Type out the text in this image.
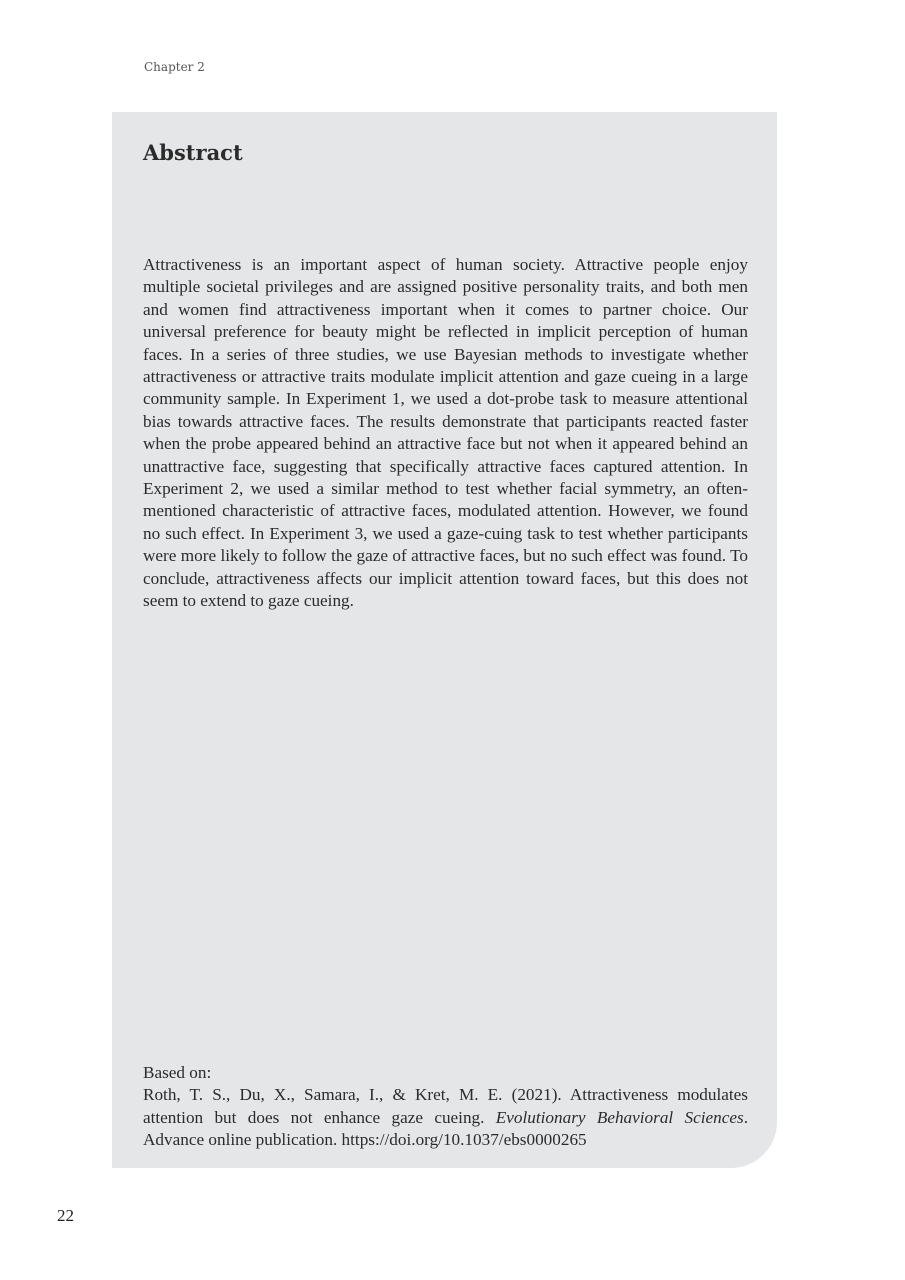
Chapter 2
Abstract

Attractiveness is an important aspect of human society. Attractive people enjoy multiple societal privileges and are assigned positive personality traits, and both men and women find attractiveness important when it comes to partner choice. Our universal preference for beauty might be reflected in implicit perception of human faces. In a series of three studies, we use Bayesian methods to investigate whether attractiveness or attractive traits modulate implicit attention and gaze cueing in a large community sample. In Experiment 1, we used a dot-probe task to measure attentional bias towards attractive faces. The results demonstrate that participants reacted faster when the probe appeared behind an attractive face but not when it appeared behind an unattractive face, suggesting that specifically attractive faces captured attention. In Experiment 2, we used a similar method to test whether facial symmetry, an often-mentioned characteristic of attractive faces, modulated attention. However, we found no such effect. In Experiment 3, we used a gaze-cuing task to test whether participants were more likely to follow the gaze of attractive faces, but no such effect was found. To conclude, attractiveness affects our implicit attention toward faces, but this does not seem to extend to gaze cueing.

Based on:

Roth, T. S., Du, X., Samara, I., & Kret, M. E. (2021). Attractiveness modulates attention but does not enhance gaze cueing. Evolutionary Behavioral Sciences. Advance online publication. https://doi.org/10.1037/ebs0000265

22
